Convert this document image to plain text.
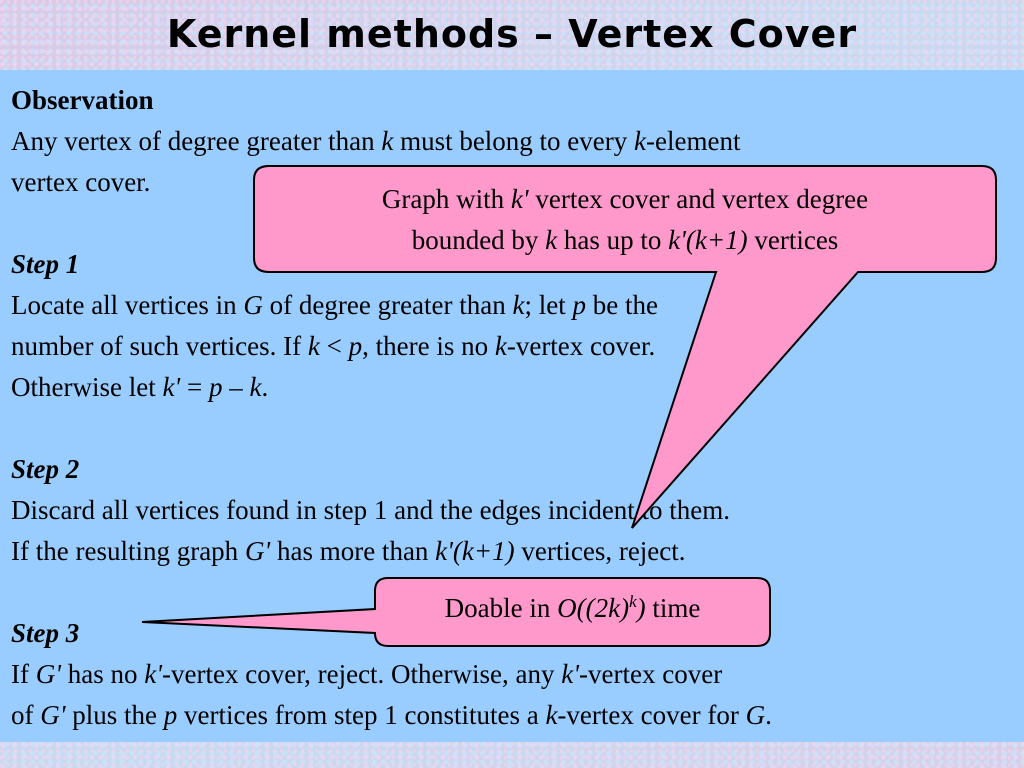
Kernel methods – Vertex Cover
Observation
Any vertex of degree greater than k must belong to every k-element
vertex cover.
Step 1
Locate all vertices in G of degree greater than k; let p be the
number of such vertices. If k < p, there is no k-vertex cover.
Otherwise let k' = p – k.
Step 2
Discard all vertices found in step 1 and the edges incident to them.
If the resulting graph G' has more than k'(k+1) vertices, reject.
Step 3
If G' has no k'-vertex cover, reject. Otherwise, any k'-vertex cover
of G' plus the p vertices from step 1 constitutes a k-vertex cover for G.
Graph with k' vertex cover and vertex degree
bounded by k has up to k'(k+1) vertices
Doable in $O((2k)^k)$ time
